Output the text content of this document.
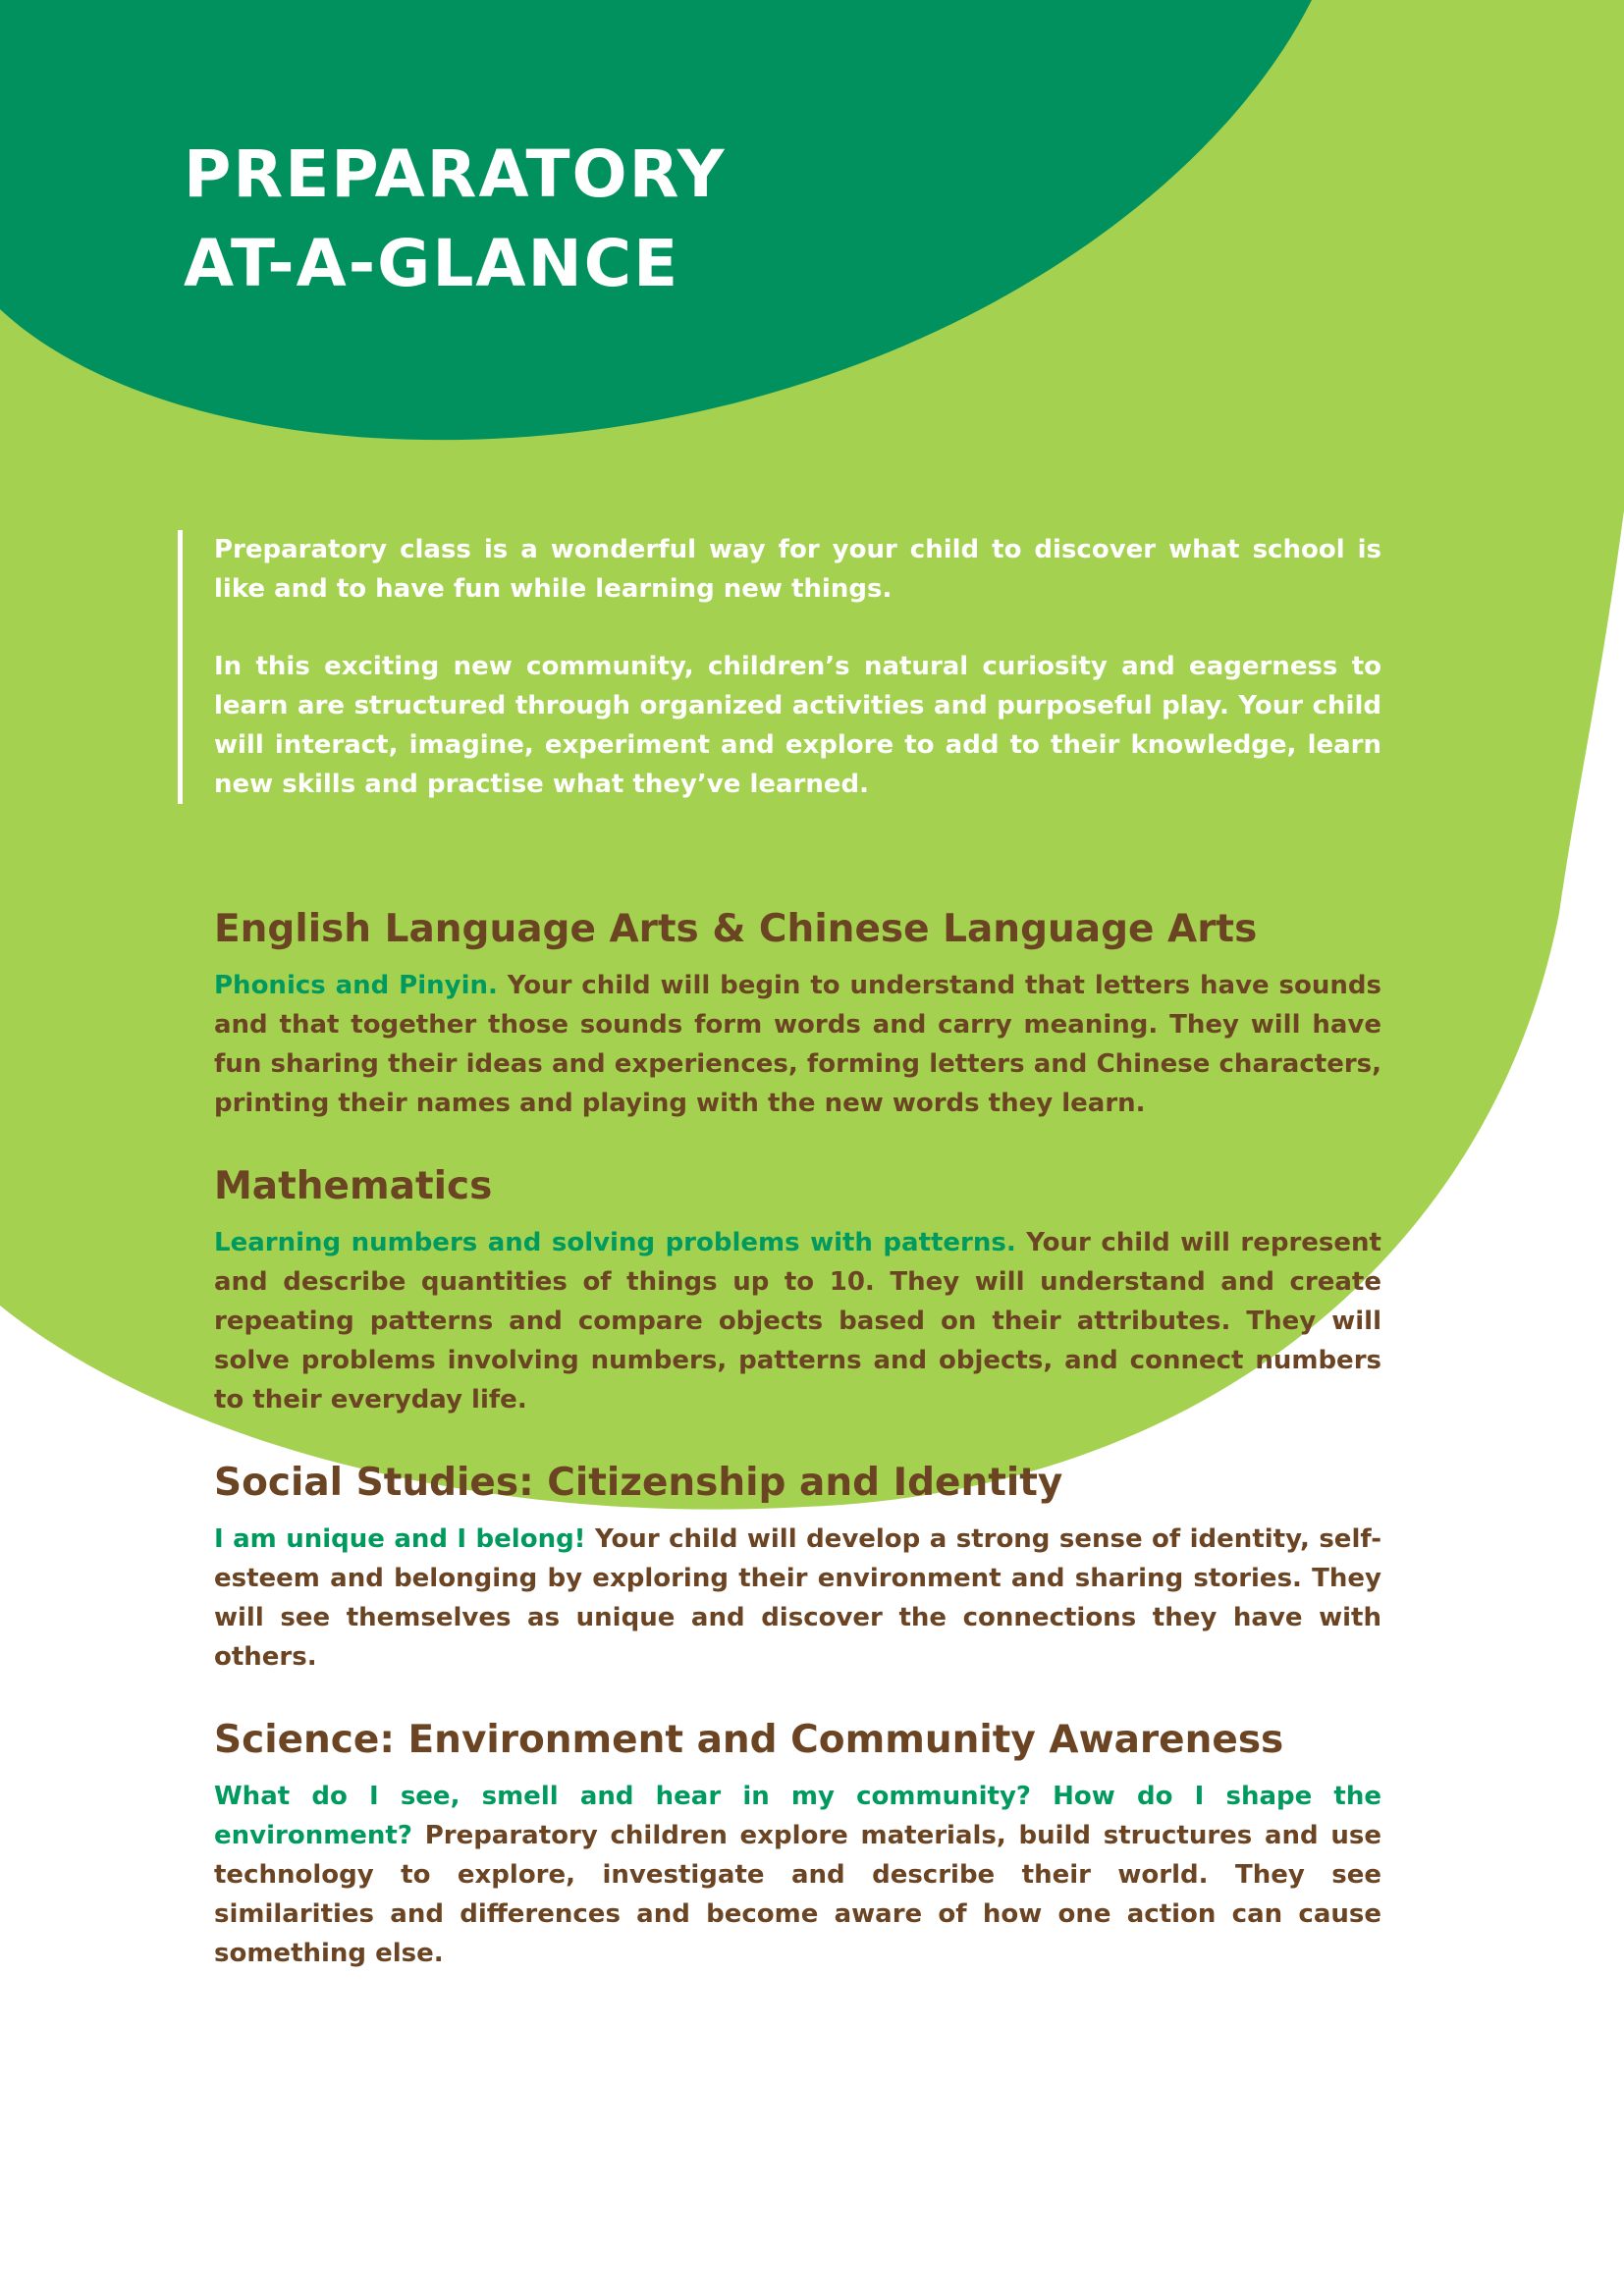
PREPARATORY
AT-A-GLANCE

Preparatory class is a wonderful way for your child to discover what school is like and to have fun while learning new things.

In this exciting new community, children’s natural curiosity and eagerness to learn are structured through organized activities and purposeful play. Your child will interact, imagine, experiment and explore to add to their knowledge, learn new skills and practise what they’ve learned.

English Language Arts & Chinese Language Arts

Phonics and Pinyin. Your child will begin to understand that letters have sounds and that together those sounds form words and carry meaning. They will have fun sharing their ideas and experiences, forming letters and Chinese characters, printing their names and playing with the new words they learn.

Mathematics

Learning numbers and solving problems with patterns. Your child will represent and describe quantities of things up to 10. They will understand and create repeating patterns and compare objects based on their attributes. They will solve problems involving numbers, patterns and objects, and connect numbers to their everyday life.

Social Studies: Citizenship and Identity

I am unique and I belong! Your child will develop a strong sense of identity, self-esteem and belonging by exploring their environment and sharing stories. They will see themselves as unique and discover the connections they have with others.

Science: Environment and Community Awareness

What do I see, smell and hear in my community? How do I shape the environment? Preparatory children explore materials, build structures and use technology to explore, investigate and describe their world. They see similarities and differences and become aware of how one action can cause something else.
